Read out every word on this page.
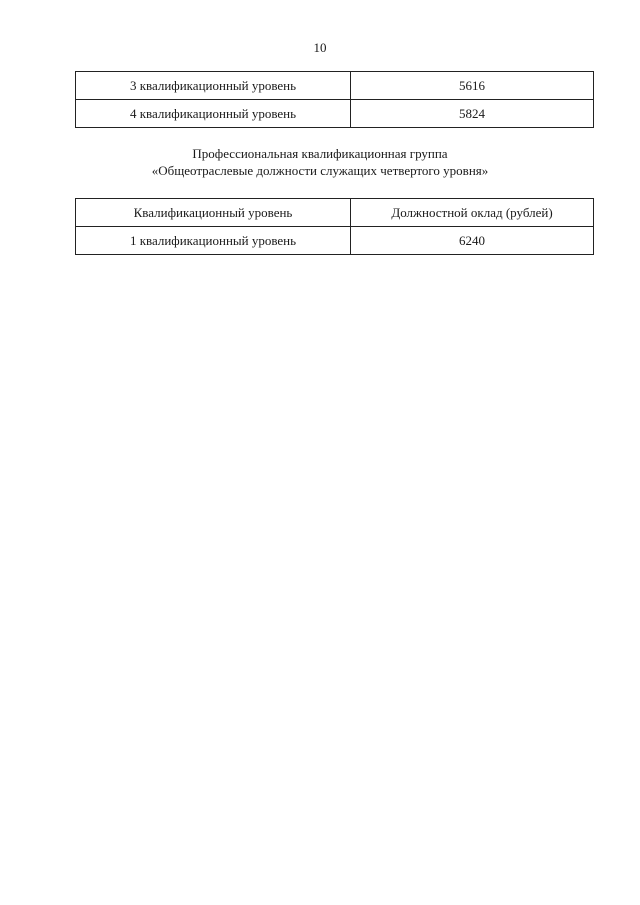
10
3 квалификационный уровень	5616
4 квалификационный уровень	5824
Профессиональная квалификационная группа
«Общеотраслевые должности служащих четвертого уровня»
Квалификационный уровень	Должностной оклад (рублей)
1 квалификационный уровень	6240
